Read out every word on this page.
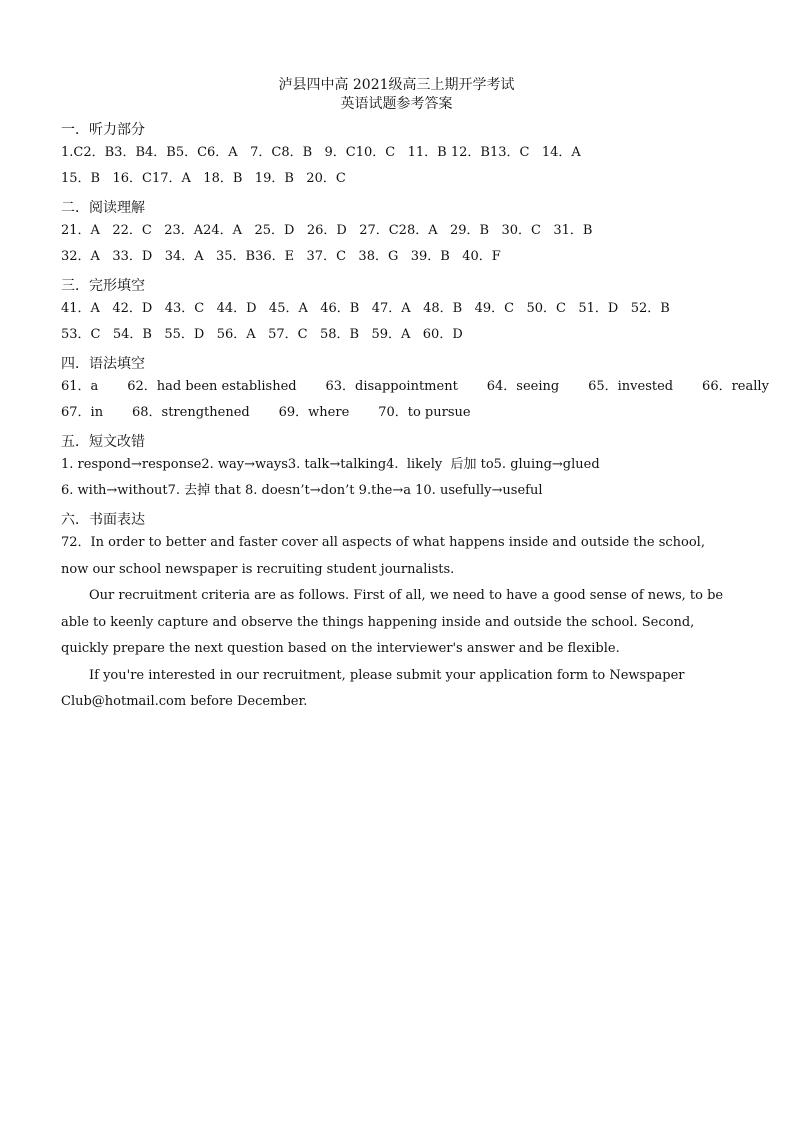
泸县四中高 2021级高三上期开学考试
英语试题参考答案
一．听力部分
1.C2．B3．B4．B5．C6．A   7．C8．B   9．C10．C   11．B 12．B13．C   14．A
15．B   16．C17．A   18．B   19．B   20．C
二．阅读理解
21．A   22．C   23．A24．A   25．D   26．D   27．C28．A   29．B   30．C   31．B
32．A   33．D   34．A   35．B36．E   37．C   38．G   39．B   40．F
三．完形填空
41．A   42．D   43．C   44．D   45．A   46．B   47．A   48．B   49．C   50．C   51．D   52．B
53．C   54．B   55．D   56．A   57．C   58．B   59．A   60．D
四．语法填空
61．a       62．had been established       63．disappointment       64．seeing       65．invested       66．really
67．in       68．strengthened       69．where       70．to pursue
五．短文改错
1. respond→response2. way→ways3. talk→talking4.  likely  后加 to5. gluing→glued
6. with→without7. 去掉 that 8. doesn’t→don’t 9.the→a 10. usefully→useful
六．书面表达
72．In order to better and faster cover all aspects of what happens inside and outside the school, now our school newspaper is recruiting student journalists.
Our recruitment criteria are as follows. First of all, we need to have a good sense of news, to be able to keenly capture and observe the things happening inside and outside the school. Second, quickly prepare the next question based on the interviewer's answer and be flexible.
If you're interested in our recruitment, please submit your application form to Newspaper Club@hotmail.com before December.
